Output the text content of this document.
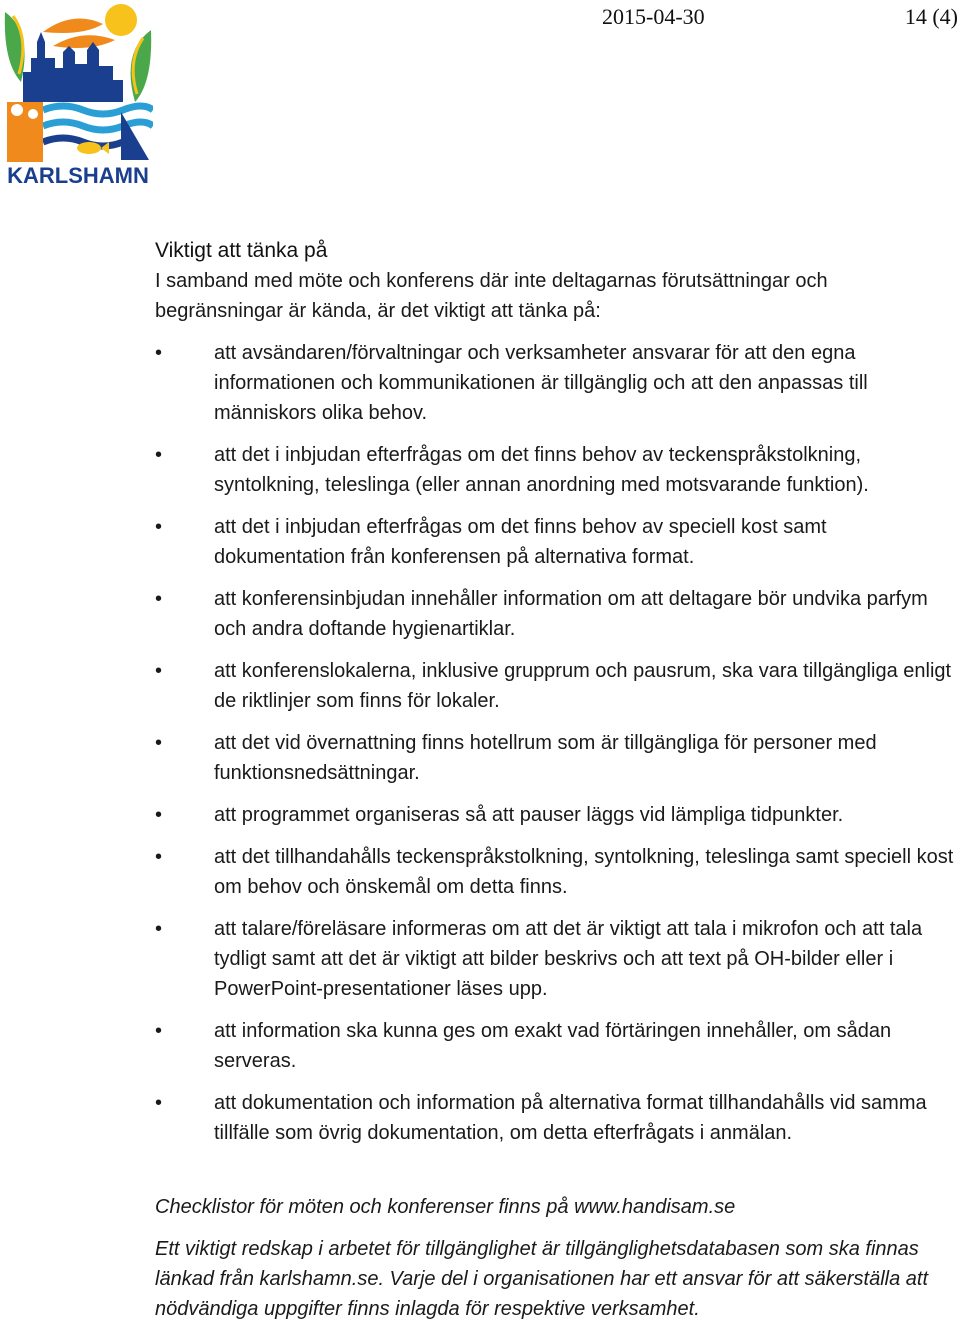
KARLSHAMN
2015-04-30	14 (4)
Viktigt att tänka på

I samband med möte och konferens där inte deltagarnas förutsättningar och begränsningar är kända, är det viktigt att tänka på:

•	att avsändaren/förvaltningar och verksamheter ansvarar för att den egna informationen och kommunikationen är tillgänglig och att den anpassas till människors olika behov.
•	att det i inbjudan efterfrågas om det finns behov av teckenspråkstolkning, syntolkning, teleslinga (eller annan anordning med motsvarande funktion).
•	att det i inbjudan efterfrågas om det finns behov av speciell kost samt dokumentation från konferensen på alternativa format.
•	att konferensinbjudan innehåller information om att deltagare bör undvika parfym och andra doftande hygienartiklar.
•	att konferenslokalerna, inklusive grupprum och pausrum, ska vara tillgängliga enligt de riktlinjer som finns för lokaler.
•	att det vid övernattning finns hotellrum som är tillgängliga för personer med funktionsnedsättningar.
•	att programmet organiseras så att pauser läggs vid lämpliga tidpunkter.
•	att det tillhandahålls teckenspråkstolkning, syntolkning, teleslinga samt speciell kost om behov och önskemål om detta finns.
•	att talare/föreläsare informeras om att det är viktigt att tala i mikrofon och att tala tydligt samt att det är viktigt att bilder beskrivs och att text på OH-bilder eller i PowerPoint-presentationer läses upp.
•	att information ska kunna ges om exakt vad förtäringen innehåller, om sådan serveras.
•	att dokumentation och information på alternativa format tillhandahålls vid samma tillfälle som övrig dokumentation, om detta efterfrågats i anmälan.

Checklistor för möten och konferenser finns på www.handisam.se

Ett viktigt redskap i arbetet för tillgänglighet är tillgänglighetsdatabasen som ska finnas länkad från karlshamn.se. Varje del i organisationen har ett ansvar för att säkerställa att nödvändiga uppgifter finns inlagda för respektive verksamhet.
